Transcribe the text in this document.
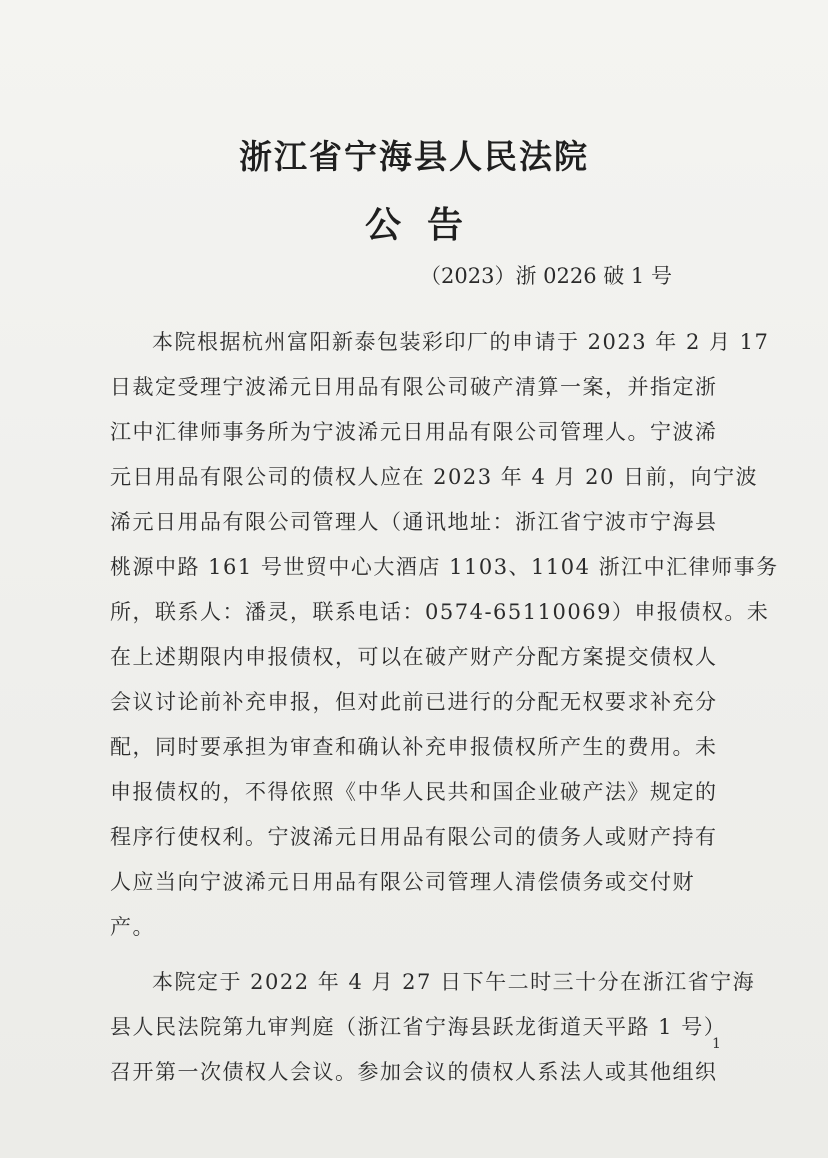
浙江省宁海县人民法院
公告
（2023）浙 0226 破 1 号
本院根据杭州富阳新泰包装彩印厂的申请于 2023 年 2 月 17
日裁定受理宁波浠元日用品有限公司破产清算一案，并指定浙
江中汇律师事务所为宁波浠元日用品有限公司管理人。宁波浠
元日用品有限公司的债权人应在 2023 年 4 月 20 日前，向宁波
浠元日用品有限公司管理人（通讯地址：浙江省宁波市宁海县
桃源中路 161 号世贸中心大酒店 1103、1104 浙江中汇律师事务
所，联系人：潘灵，联系电话：0574-65110069）申报债权。未
在上述期限内申报债权，可以在破产财产分配方案提交债权人
会议讨论前补充申报，但对此前已进行的分配无权要求补充分
配，同时要承担为审查和确认补充申报债权所产生的费用。未
申报债权的，不得依照《中华人民共和国企业破产法》规定的
程序行使权利。宁波浠元日用品有限公司的债务人或财产持有
人应当向宁波浠元日用品有限公司管理人清偿债务或交付财
产。
本院定于 2022 年 4 月 27 日下午二时三十分在浙江省宁海
县人民法院第九审判庭（浙江省宁海县跃龙街道天平路 1 号）
召开第一次债权人会议。参加会议的债权人系法人或其他组织
1
